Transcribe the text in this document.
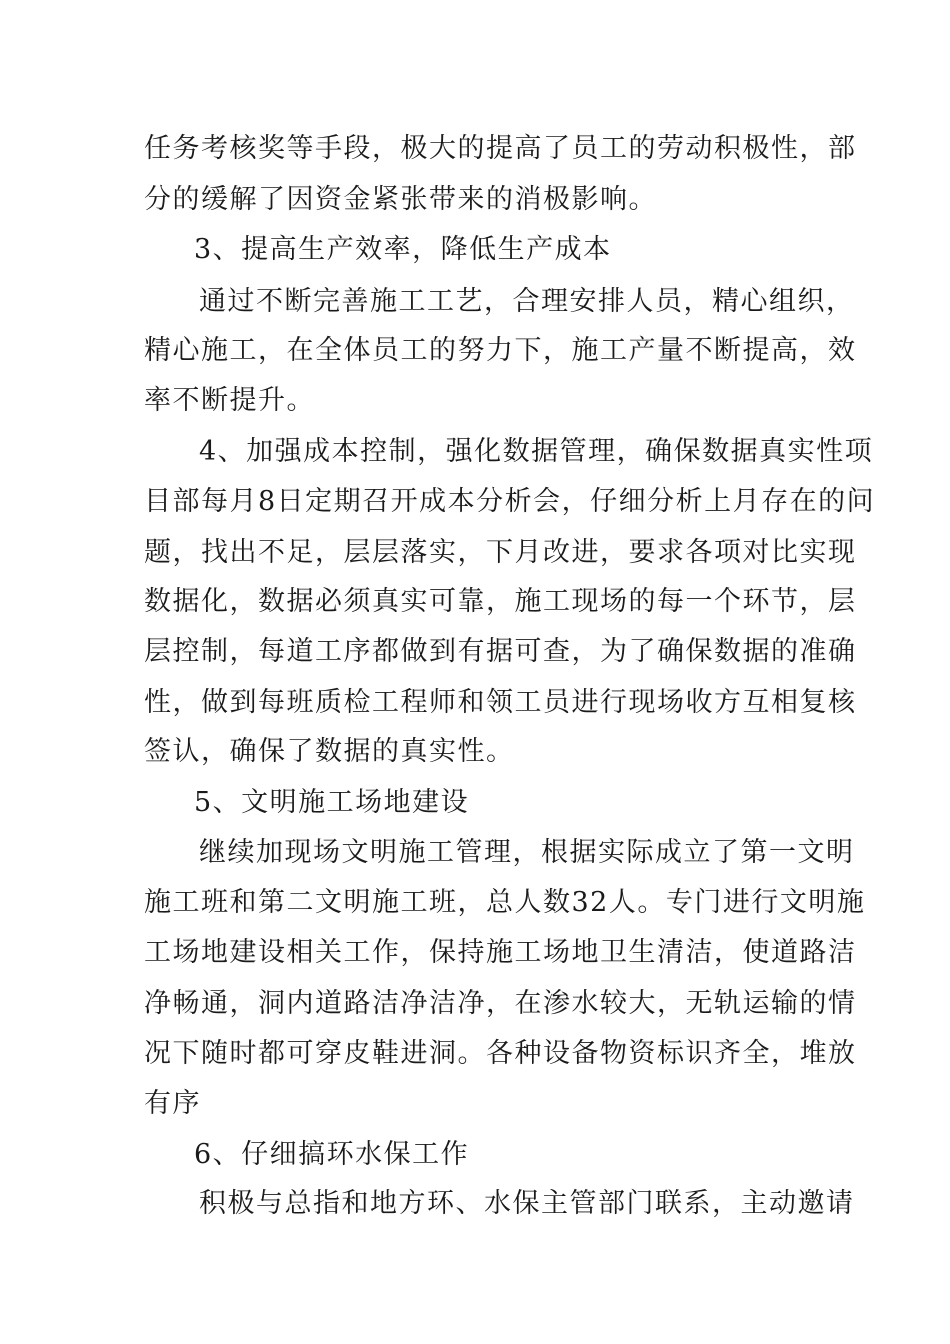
任务考核奖等手段，极大的提高了员工的劳动积极性，部
分的缓解了因资金紧张带来的消极影响。
3、提高生产效率，降低生产成本
通过不断完善施工工艺，合理安排人员，精心组织，
精心施工，在全体员工的努力下，施工产量不断提高，效
率不断提升。
4、加强成本控制，强化数据管理，确保数据真实性项
目部每月8日定期召开成本分析会，仔细分析上月存在的问
题，找出不足，层层落实，下月改进，要求各项对比实现
数据化，数据必须真实可靠，施工现场的每一个环节，层
层控制，每道工序都做到有据可查，为了确保数据的准确
性，做到每班质检工程师和领工员进行现场收方互相复核
签认，确保了数据的真实性。
5、文明施工场地建设
继续加现场文明施工管理，根据实际成立了第一文明
施工班和第二文明施工班，总人数32人。专门进行文明施
工场地建设相关工作，保持施工场地卫生清洁，使道路洁
净畅通，洞内道路洁净洁净，在渗水较大，无轨运输的情
况下随时都可穿皮鞋进洞。各种设备物资标识齐全，堆放
有序
6、仔细搞环水保工作
积极与总指和地方环、水保主管部门联系，主动邀请
